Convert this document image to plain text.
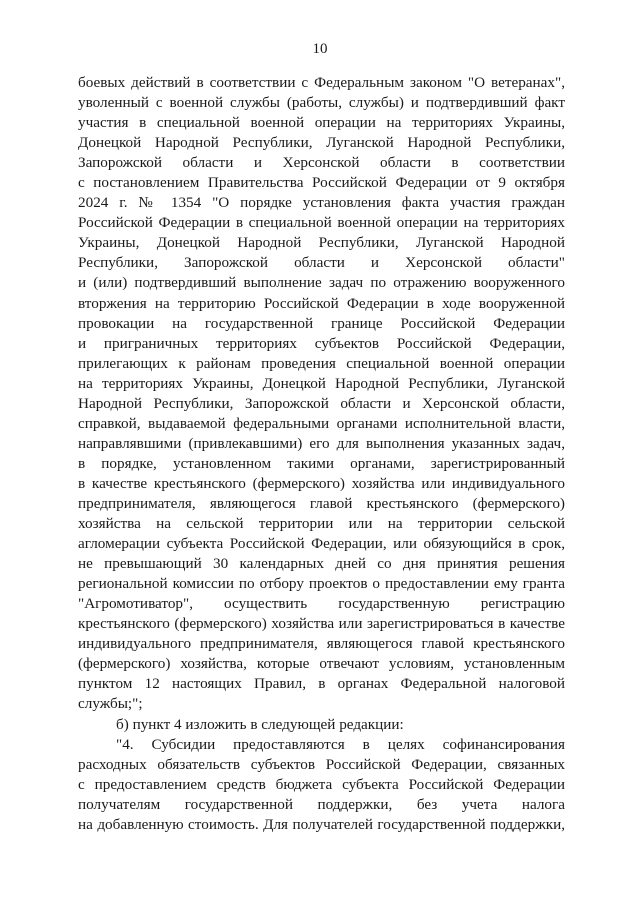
10
боевых действий в соответствии с Федеральным законом "О ветеранах",
уволенный с военной службы (работы, службы) и подтвердивший факт
участия в специальной военной операции на территориях Украины,
Донецкой Народной Республики, Луганской Народной Республики,
Запорожской области и Херсонской области в соответствии
с постановлением Правительства Российской Федерации от 9 октября
2024 г. № 1354 "О порядке установления факта участия граждан
Российской Федерации в специальной военной операции на территориях
Украины, Донецкой Народной Республики, Луганской Народной
Республики, Запорожской области и Херсонской области"
и (или) подтвердивший выполнение задач по отражению вооруженного
вторжения на территорию Российской Федерации в ходе вооруженной
провокации на государственной границе Российской Федерации
и приграничных территориях субъектов Российской Федерации,
прилегающих к районам проведения специальной военной операции
на территориях Украины, Донецкой Народной Республики, Луганской
Народной Республики, Запорожской области и Херсонской области,
справкой, выдаваемой федеральными органами исполнительной власти,
направлявшими (привлекавшими) его для выполнения указанных задач,
в порядке, установленном такими органами, зарегистрированный
в качестве крестьянского (фермерского) хозяйства или индивидуального
предпринимателя, являющегося главой крестьянского (фермерского)
хозяйства на сельской территории или на территории сельской
агломерации субъекта Российской Федерации, или обязующийся в срок,
не превышающий 30 календарных дней со дня принятия решения
региональной комиссии по отбору проектов о предоставлении ему гранта
"Агромотиватор", осуществить государственную регистрацию
крестьянского (фермерского) хозяйства или зарегистрироваться в качестве
индивидуального предпринимателя, являющегося главой крестьянского
(фермерского) хозяйства, которые отвечают условиям, установленным
пунктом 12 настоящих Правил, в органах Федеральной налоговой
службы;";
б) пункт 4 изложить в следующей редакции:
"4. Субсидии предоставляются в целях софинансирования
расходных обязательств субъектов Российской Федерации, связанных
с предоставлением средств бюджета субъекта Российской Федерации
получателям государственной поддержки, без учета налога
на добавленную стоимость. Для получателей государственной поддержки,
